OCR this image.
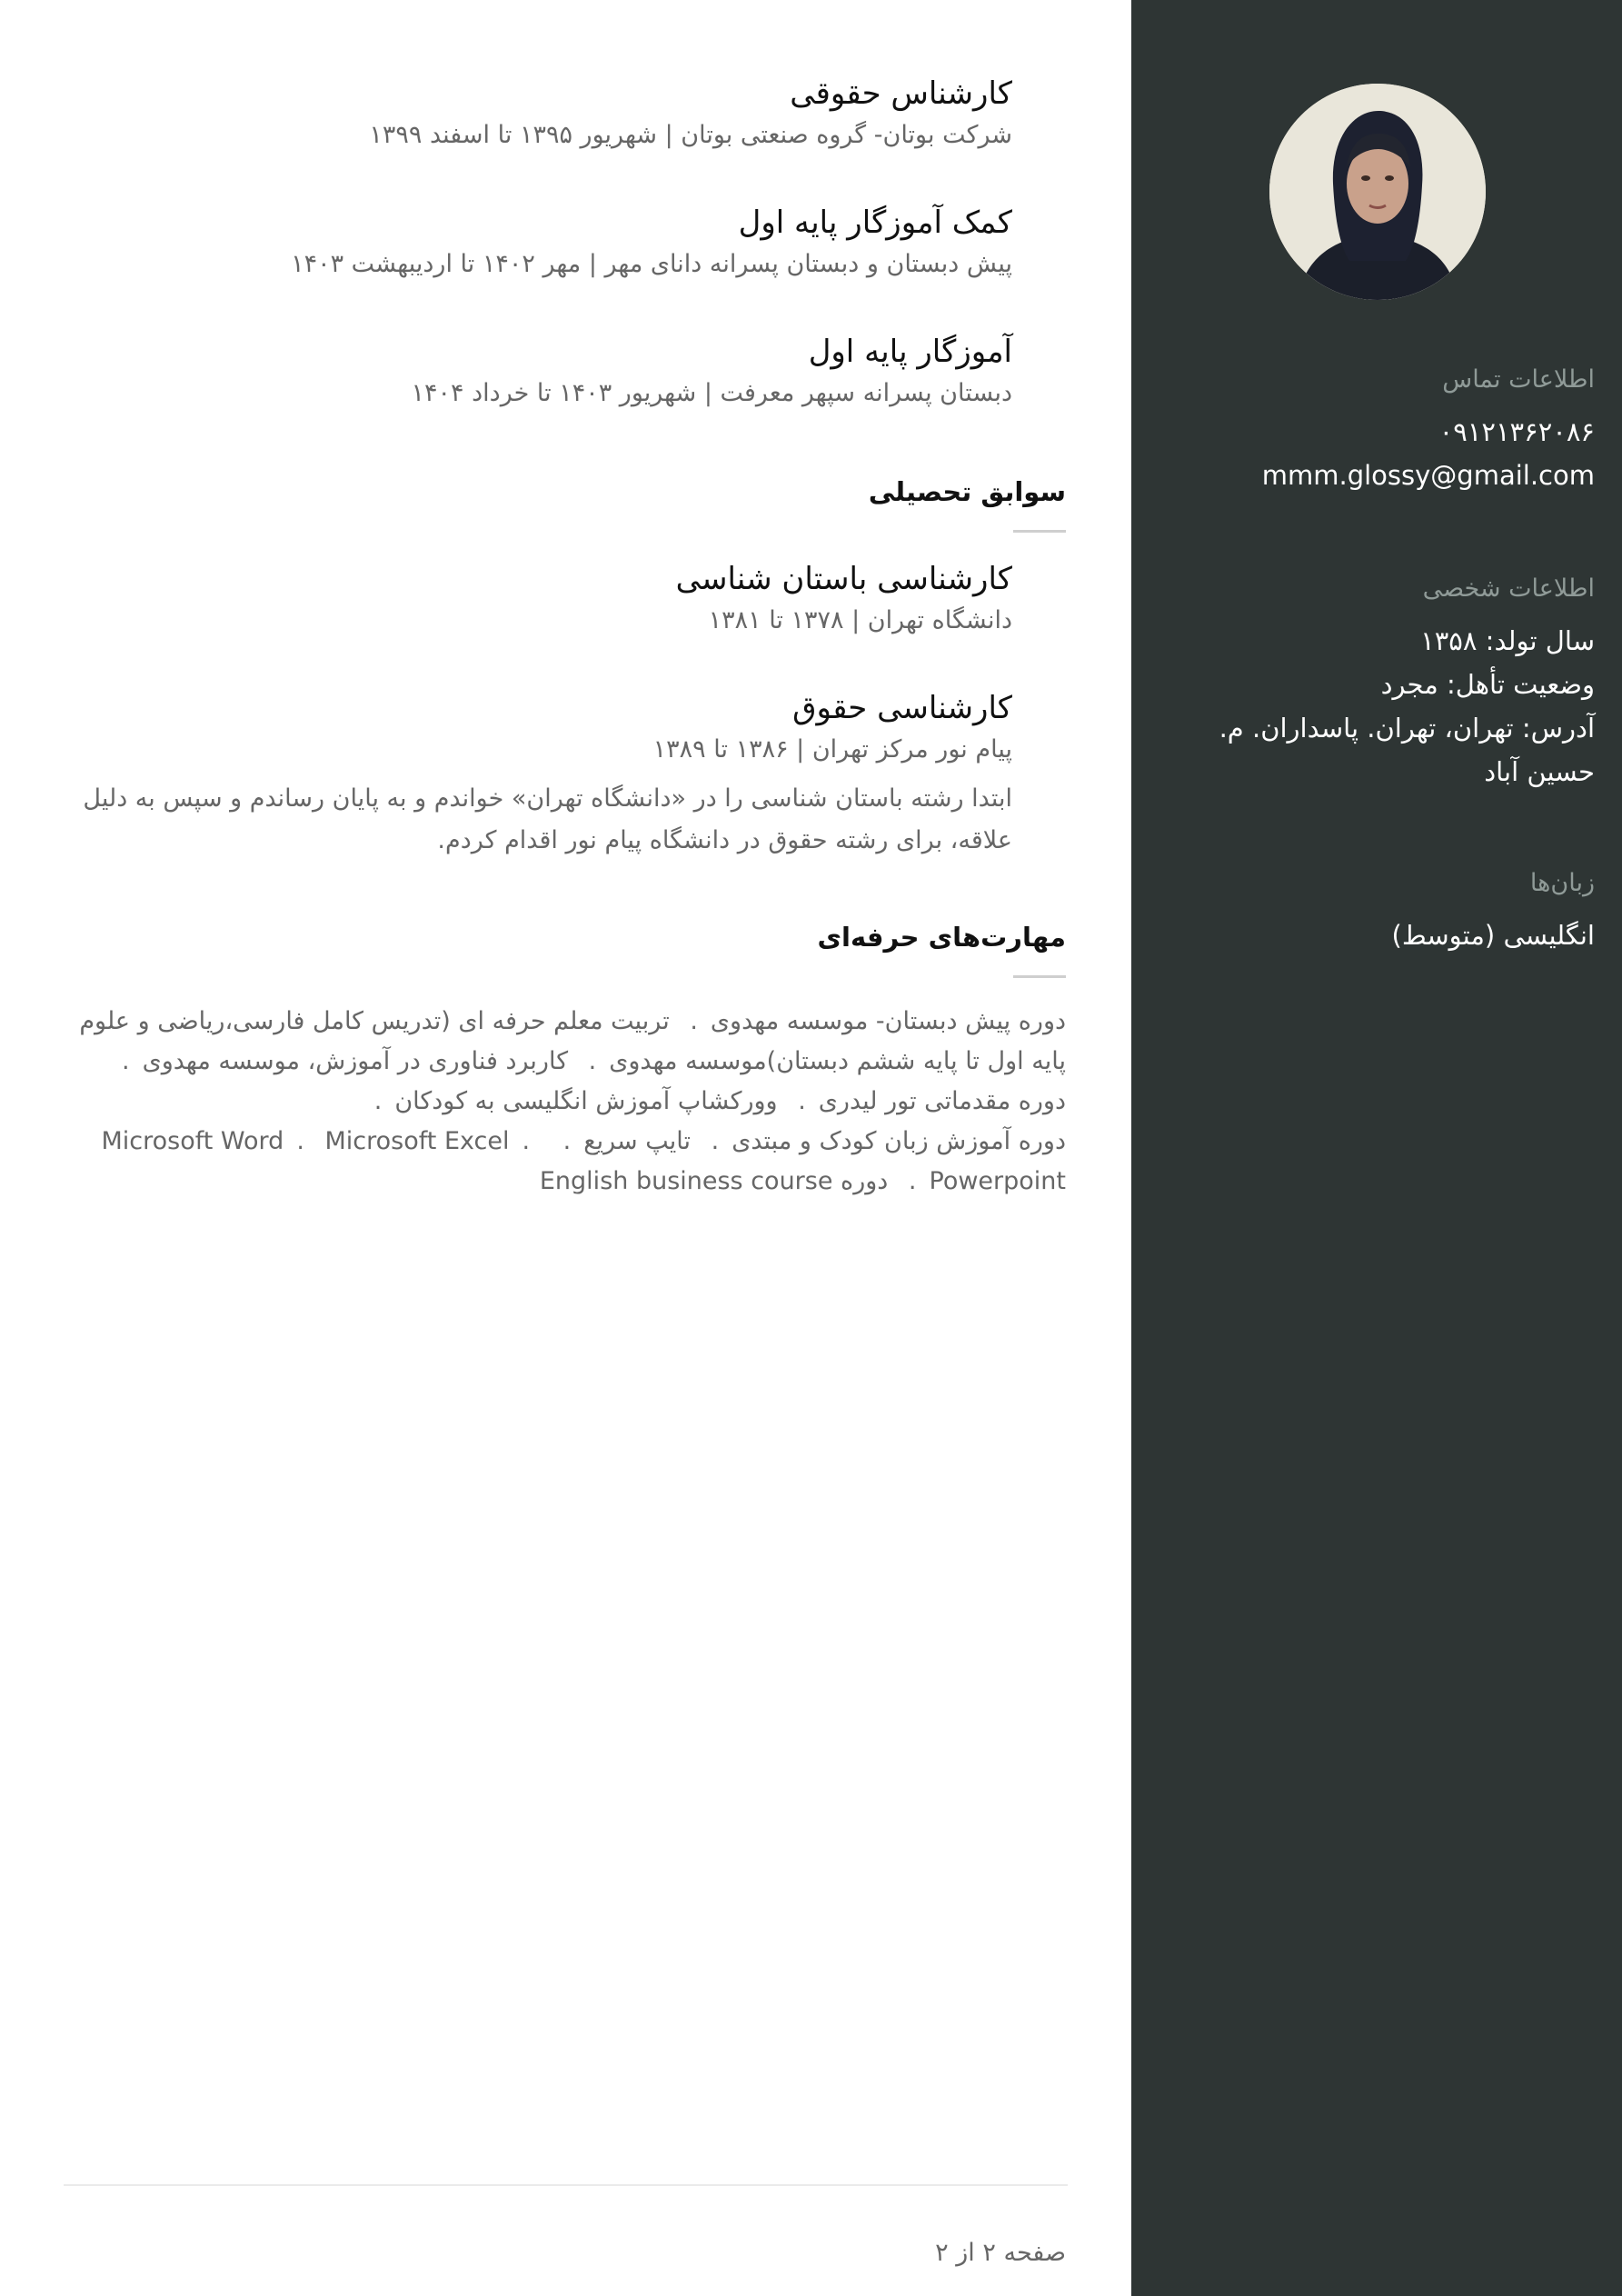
کارشناس حقوقی

شرکت بوتان- گروه صنعتی بوتان | شهریور ۱۳۹۵ تا اسفند ۱۳۹۹

کمک آموزگار پایه اول

پیش دبستان و دبستان پسرانه دانای مهر | مهر ۱۴۰۲ تا اردیبهشت ۱۴۰۳

آموزگار پایه اول

دبستان پسرانه سپهر معرفت | شهریور ۱۴۰۳ تا خرداد ۱۴۰۴

سوابق تحصیلی

کارشناسی باستان شناسی

دانشگاه تهران | ۱۳۷۸ تا ۱۳۸۱

کارشناسی حقوق

پیام نور مرکز تهران | ۱۳۸۶ تا ۱۳۸۹

ابتدا رشته باستان شناسی را در «دانشگاه تهران» خواندم و به پایان رساندم و سپس به دلیل علاقه، برای رشته حقوق در دانشگاه پیام نور اقدام کردم.

مهارت‌های حرفه‌ای

دوره پیش دبستان- موسسه مهدوی. تربیت معلم حرفه ای (تدریس کامل فارسی،ریاضی و علوم پایه اول تا پایه ششم دبستان)موسسه مهدوی. کاربرد فناوری در آموزش، موسسه مهدوی. دوره مقدماتی تور لیدری. وورکشاپ آموزش انگلیسی به کودکان. دوره آموزش زبان کودک و مبتدی. تایپ سریع. Microsoft Word . Microsoft Excel . Powerpoint. دوره English business course

صفحه ۲ از ۲

اطلاعات تماس

۰۹۱۲۱۳۶۲۰۸۶

mmm.glossy@gmail.com

اطلاعات شخصی

سال تولد: ۱۳۵۸

وضعیت تأهل: مجرد

آدرس: تهران، تهران. پاسداران. م. حسین آباد

زبان‌ها

انگلیسی (متوسط)
